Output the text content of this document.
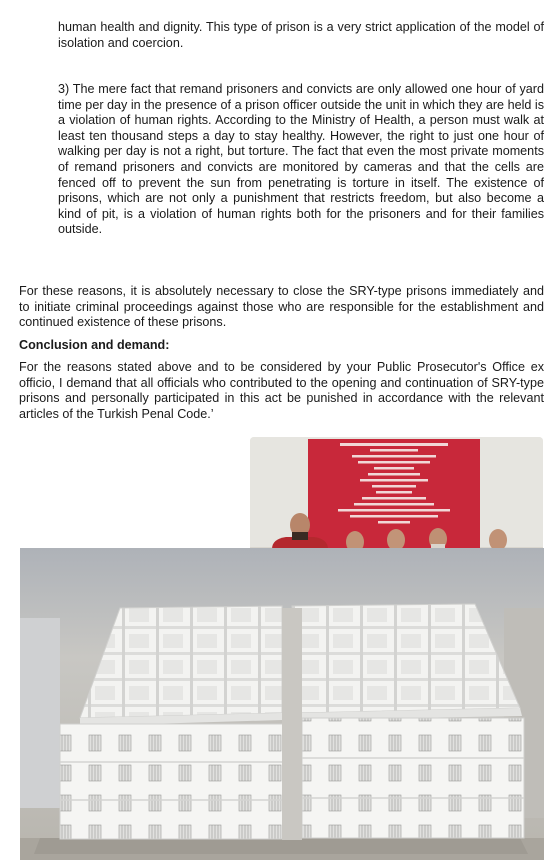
human health and dignity. This type of prison is a very strict application of the model of isolation and coercion.

3) The mere fact that remand prisoners and convicts are only allowed one hour of yard time per day in the presence of a prison officer outside the unit in which they are held is a violation of human rights. According to the Ministry of Health, a person must walk at least ten thousand steps a day to stay healthy. However, the right to just one hour of walking per day is not a right, but torture. The fact that even the most private moments of remand prisoners and convicts are monitored by cameras and that the cells are fenced off to prevent the sun from penetrating is torture in itself. The existence of prisons, which are not only a punishment that restricts freedom, but also become a kind of pit, is a violation of human rights both for the prisoners and for their families outside.

For these reasons, it is absolutely necessary to close the SRY-type prisons immediately and to initiate criminal proceedings against those who are responsible for the establishment and continued existence of these prisons.

Conclusion and demand:

For the reasons stated above and to be considered by your Public Prosecutor's Office ex officio, I demand that all officials who contributed to the opening and continuation of SRY-type prisons and personally participated in this act be punished in accordance with the relevant articles of the Turkish Penal Code.’
